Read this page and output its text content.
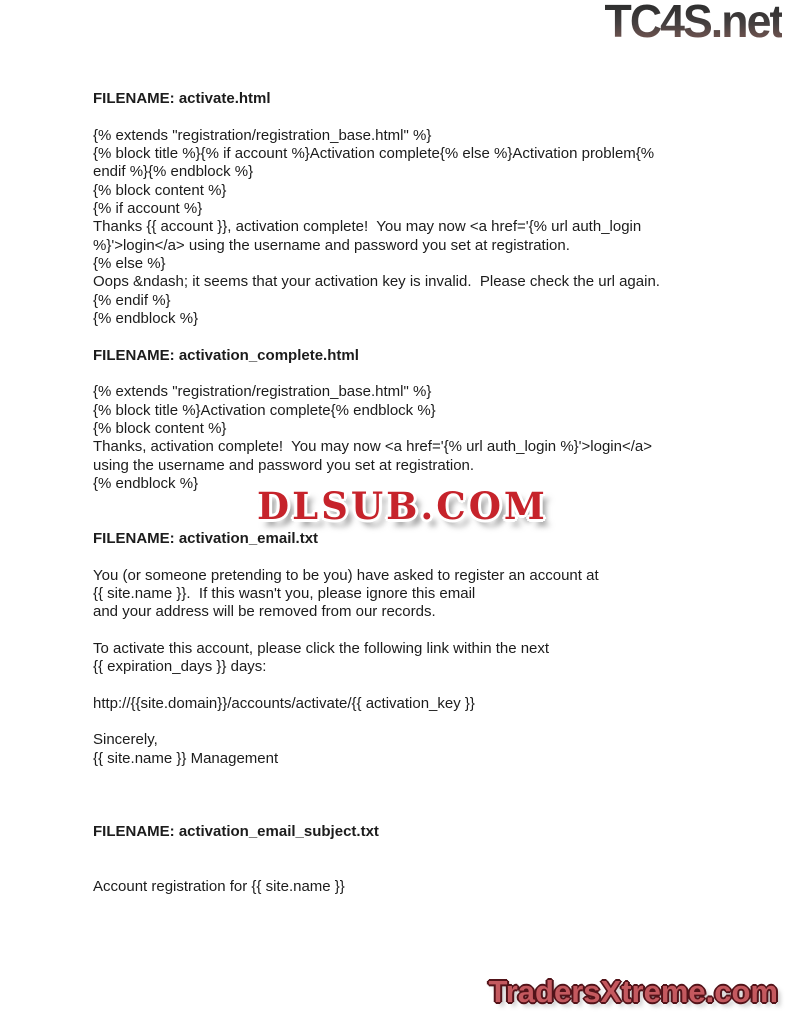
TC4S.net
FILENAME: activate.html

{% extends "registration/registration_base.html" %}
{% block title %}{% if account %}Activation complete{% else %}Activation problem{%
endif %}{% endblock %}
{% block content %}
{% if account %}
Thanks {{ account }}, activation complete!  You may now <a href='{% url auth_login
%}'>login</a> using the username and password you set at registration.
{% else %}
Oops &ndash; it seems that your activation key is invalid.  Please check the url again.
{% endif %}
{% endblock %}

FILENAME: activation_complete.html

{% extends "registration/registration_base.html" %}
{% block title %}Activation complete{% endblock %}
{% block content %}
Thanks, activation complete!  You may now <a href='{% url auth_login %}'>login</a>
using the username and password you set at registration.
{% endblock %}

FILENAME: activation_email.txt

You (or someone pretending to be you) have asked to register an account at
{{ site.name }}.  If this wasn't you, please ignore this email
and your address will be removed from our records.

To activate this account, please click the following link within the next
{{ expiration_days }} days:

http://{{site.domain}}/accounts/activate/{{ activation_key }}

Sincerely,
{{ site.name }} Management

FILENAME: activation_email_subject.txt

Account registration for {{ site.name }}
DLSUB.COM
TradersXtreme.com
